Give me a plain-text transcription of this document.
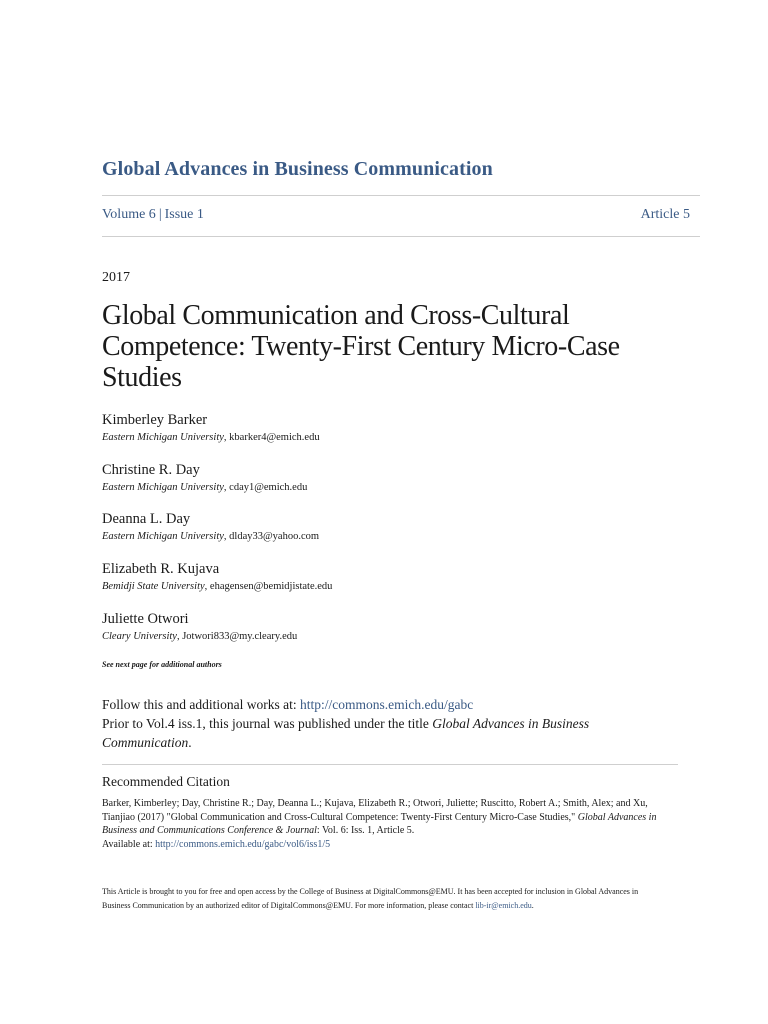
Global Advances in Business Communication
Volume 6 | Issue 1	Article 5
2017
Global Communication and Cross-Cultural Competence: Twenty-First Century Micro-Case Studies
Kimberley Barker
Eastern Michigan University, kbarker4@emich.edu
Christine R. Day
Eastern Michigan University, cday1@emich.edu
Deanna L. Day
Eastern Michigan University, dlday33@yahoo.com
Elizabeth R. Kujava
Bemidji State University, ehagensen@bemidjistate.edu
Juliette Otwori
Cleary University, Jotwori833@my.cleary.edu
See next page for additional authors
Follow this and additional works at: http://commons.emich.edu/gabc
Prior to Vol.4 iss.1, this journal was published under the title Global Advances in Business Communication.
Recommended Citation
Barker, Kimberley; Day, Christine R.; Day, Deanna L.; Kujava, Elizabeth R.; Otwori, Juliette; Ruscitto, Robert A.; Smith, Alex; and Xu, Tianjiao (2017) "Global Communication and Cross-Cultural Competence: Twenty-First Century Micro-Case Studies," Global Advances in Business and Communications Conference & Journal: Vol. 6: Iss. 1, Article 5.
Available at: http://commons.emich.edu/gabc/vol6/iss1/5
This Article is brought to you for free and open access by the College of Business at DigitalCommons@EMU. It has been accepted for inclusion in Global Advances in Business Communication by an authorized editor of DigitalCommons@EMU. For more information, please contact lib-ir@emich.edu.
